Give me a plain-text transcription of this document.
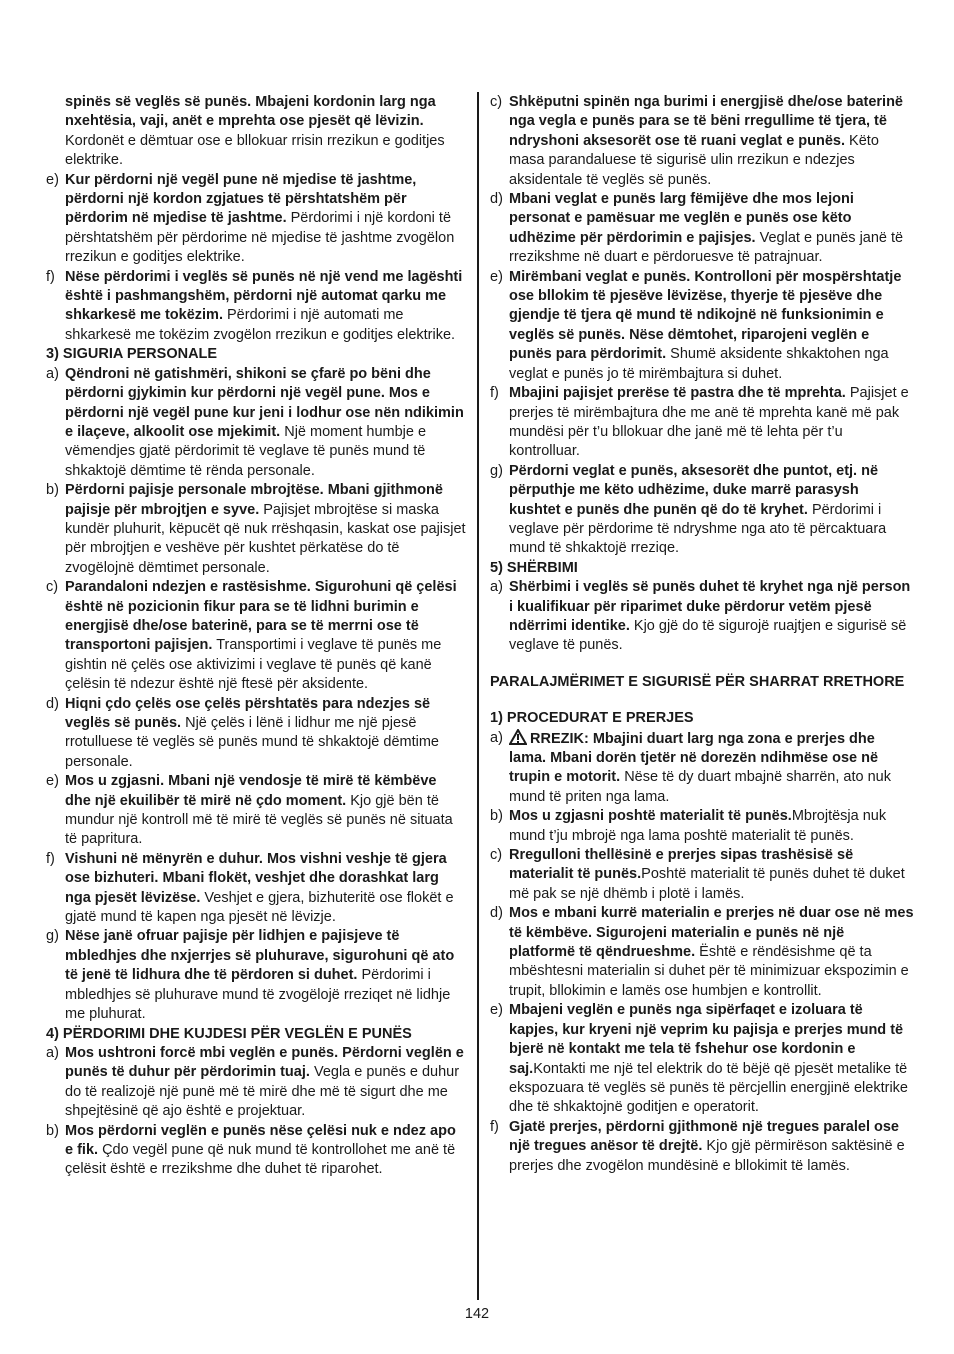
spinës së veglës së punës. Mbajeni kordonin larg nga nxehtësia, vaji, anët e mprehta ose pjesët që lëvizin. Kordonët e dëmtuar ose e bllokuar rrisin rrezikun e goditjes elektrike.
e) Kur përdorni një vegël pune në mjedise të jashtme, përdorni një kordon zgjatues të përshtatshëm për përdorim në mjedise të jashtme. Përdorimi i një kordoni të përshtatshëm për përdorime në mjedise të jashtme zvogëlon rrezikun e goditjes elektrike.
f) Nëse përdorimi i veglës së punës në një vend me lagështi është i pashmangshëm, përdorni një automat qarku me shkarkesë me tokëzim. Përdorimi i një automati me shkarkesë me tokëzim zvogëlon rrezikun e goditjes elektrike.
3) SIGURIA PERSONALE
a) Qëndroni në gatishmëri, shikoni se çfarë po bëni dhe përdorni gjykimin kur përdorni një vegël pune. Mos e përdorni një vegël pune kur jeni i lodhur ose nën ndikimin e ilaçeve, alkoolit ose mjekimit. Një moment humbje e vëmendjes gjatë përdorimit të veglave të punës mund të shkaktojë dëmtime të rënda personale.
b) Përdorni pajisje personale mbrojtëse. Mbani gjithmonë pajisje për mbrojtjen e syve. Pajisjet mbrojtëse si maska kundër pluhurit, këpucët që nuk rrëshqasin, kaskat ose pajisjet për mbrojtjen e veshëve për kushtet përkatëse do të zvogëlojnë dëmtimet personale.
c) Parandaloni ndezjen e rastësishme. Sigurohuni që çelësi është në pozicionin fikur para se të lidhni burimin e energjisë dhe/ose baterinë, para se të merrni ose të transportoni pajisjen. Transportimi i veglave të punës me gishtin në çelës ose aktivizimi i veglave të punës që kanë çelësin të ndezur është një ftesë për aksidente.
d) Hiqni çdo çelës ose çelës përshtatës para ndezjes së veglës së punës. Një çelës i lënë i lidhur me një pjesë rrotulluese të veglës së punës mund të shkaktojë dëmtime personale.
e) Mos u zgjasni. Mbani një vendosje të mirë të këmbëve dhe një ekuilibër të mirë në çdo moment. Kjo gjë bën të mundur një kontroll më të mirë të veglës së punës në situata të papritura.
f) Vishuni në mënyrën e duhur. Mos vishni veshje të gjera ose bizhuteri. Mbani flokët, veshjet dhe dorashkat larg nga pjesët lëvizëse. Veshjet e gjera, bizhuteritë ose flokët e gjatë mund të kapen nga pjesët në lëvizje.
g) Nëse janë ofruar pajisje për lidhjen e pajisjeve të mbledhjes dhe nxjerrjes së pluhurave, sigurohuni që ato të jenë të lidhura dhe të përdoren si duhet. Përdorimi i mbledhjes së pluhurave mund të zvogëlojë rreziqet në lidhje me pluhurat.
4) PËRDORIMI DHE KUJDESI PËR VEGLËN E PUNËS
a) Mos ushtroni forcë mbi veglën e punës. Përdorni veglën e punës të duhur për përdorimin tuaj. Vegla e punës e duhur do të realizojë një punë më të mirë dhe më të sigurt dhe me shpejtësinë që ajo është e projektuar.
b) Mos përdorni veglën e punës nëse çelësi nuk e ndez apo e fik. Çdo vegël pune që nuk mund të kontrollohet me anë të çelësit është e rrezikshme dhe duhet të riparohet.
c) Shkëputni spinën nga burimi i energjisë dhe/ose baterinë nga vegla e punës para se të bëni rregullime të tjera, të ndryshoni aksesorët ose të ruani veglat e punës. Këto masa parandaluese të sigurisë ulin rrezikun e ndezjes aksidentale të veglës së punës.
d) Mbani veglat e punës larg fëmijëve dhe mos lejoni personat e pamësuar me veglën e punës ose këto udhëzime për përdorimin e pajisjes. Veglat e punës janë të rrezikshme në duart e përdoruesve të patrajnuar.
e) Mirëmbani veglat e punës. Kontrolloni për mospërshtatje ose bllokim të pjesëve lëvizëse, thyerje të pjesëve dhe gjendje të tjera që mund të ndikojnë në funksionimin e veglës së punës. Nëse dëmtohet, riparojeni veglën e punës para përdorimit. Shumë aksidente shkaktohen nga veglat e punës jo të mirëmbajtura si duhet.
f) Mbajini pajisjet prerëse të pastra dhe të mprehta. Pajisjet e prerjes të mirëmbajtura dhe me anë të mprehta kanë më pak mundësi për t’u bllokuar dhe janë më të lehta për t’u kontrolluar.
g) Përdorni veglat e punës, aksesorët dhe puntot, etj. në përputhje me këto udhëzime, duke marrë parasysh kushtet e punës dhe punën që do të kryhet. Përdorimi i veglave për përdorime të ndryshme nga ato të përcaktuara mund të shkaktojë rreziqe.
5) SHËRBIMI
a) Shërbimi i veglës së punës duhet të kryhet nga një person i kualifikuar për riparimet duke përdorur vetëm pjesë ndërrimi identike. Kjo gjë do të sigurojë ruajtjen e sigurisë së veglave të punës.
PARALAJMËRIMET E SIGURISË PËR SHARRAT RRETHORE
1) PROCEDURAT E PRERJES
a)	RREZIK: Mbajini duart larg nga zona e prerjes dhe lama. Mbani dorën tjetër në dorezën ndihmëse ose në trupin e motorit. Nëse të dy duart mbajnë sharrën, ato nuk mund të priten nga lama.
b) Mos u zgjasni poshtë materialit të punës.Mbrojtësja nuk mund t’ju mbrojë nga lama poshtë materialit të punës.
c) Rregulloni thellësinë e prerjes sipas trashësisë së materialit të punës.Poshtë materialit të punës duhet të duket më pak se një dhëmb i plotë i lamës.
d) Mos e mbani kurrë materialin e prerjes në duar ose në mes të këmbëve. Sigurojeni materialin e punës në një platformë të qëndrueshme. Është e rëndësishme që ta mbështesni materialin si duhet për të minimizuar ekspozimin e trupit, bllokimin e lamës ose humbjen e kontrollit.
e) Mbajeni veglën e punës nga sipërfaqet e izoluara të kapjes, kur kryeni një veprim ku pajisja e prerjes mund të bjerë në kontakt me tela të fshehur ose kordonin e saj.Kontakti me një tel elektrik do të bëjë që pjesët metalike të ekspozuara të veglës së punës të përcjellin energjinë elektrike dhe të shkaktojnë goditjen e operatorit.
f) Gjatë prerjes, përdorni gjithmonë një tregues paralel ose një tregues anësor të drejtë. Kjo gjë përmirëson saktësinë e prerjes dhe zvogëlon mundësinë e bllokimit të lamës.
142
